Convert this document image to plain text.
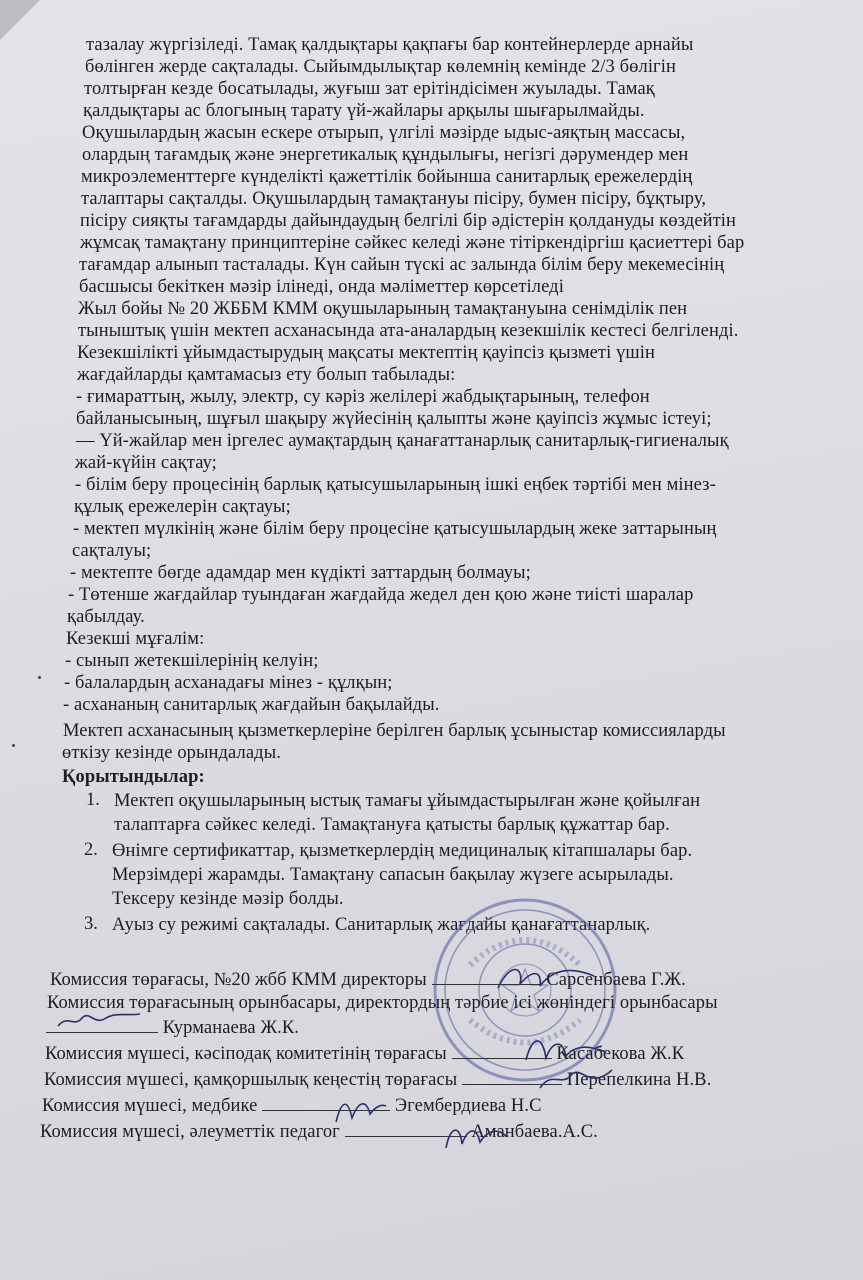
тазалау жүргізіледі. Тамақ қалдықтары қақпағы бар контейнерлерде арнайы
бөлінген жерде сақталады. Сыйымдылықтар көлемнің кемінде 2/3 бөлігін
толтырған кезде босатылады, жуғыш зат ерітіндісімен жуылады. Тамақ
қалдықтары ас блогының тарату үй-жайлары арқылы шығарылмайды.
Оқушылардың жасын ескере отырып, үлгілі мәзірде ыдыс-аяқтың массасы,
олардың тағамдық және энергетикалық құндылығы, негізгі дәрумендер мен
микроэлементтерге күнделікті қажеттілік бойынша санитарлық ережелердің
талаптары сақталды. Оқушылардың тамақтануы пісіру, бумен пісіру, бұқтыру,
пісіру сияқты тағамдарды дайындаудың белгілі бір әдістерін қолдануды көздейтін
жұмсақ тамақтану принциптеріне сәйкес келеді және тітіркендіргіш қасиеттері бар
тағамдар алынып тасталады. Күн сайын түскі ас залында білім беру мекемесінің
басшысы бекіткен мәзір ілінеді, онда мәліметтер көрсетіледі
Жыл бойы № 20 ЖББМ КММ оқушыларының тамақтануына сенімділік пен
тыныштық үшін мектеп асханасында ата-аналардың кезекшілік кестесі белгіленді.
Кезекшілікті ұйымдастырудың мақсаты мектептің қауіпсіз қызметі үшін
жағдайларды қамтамасыз ету болып табылады:
- ғимараттың, жылу, электр, су кәріз желілері жабдықтарының, телефон
байланысының, шұғыл шақыру жүйесінің қалыпты және қауіпсіз жұмыс істеуі;
— Үй-жайлар мен іргелес аумақтардың қанағаттанарлық санитарлық-гигиеналық
жай-күйін сақтау;
- білім беру процесінің барлық қатысушыларының ішкі еңбек тәртібі мен мінез-
құлық ережелерін сақтауы;
- мектеп мүлкінің және білім беру процесіне қатысушылардың жеке заттарының
сақталуы;
- мектепте бөгде адамдар мен күдікті заттардың болмауы;
- Төтенше жағдайлар туындаған жағдайда жедел ден қою және тиісті шаралар
қабылдау.
Кезекші мұғалім:
- сынып жетекшілерінің келуін;
- балалардың асханадағы мінез - құлқын;
- асхананың санитарлық жағдайын бақылайды.
Мектеп асханасының қызметкерлеріне берілген барлық ұсыныстар комиссияларды
өткізу кезінде орындалады.
Қорытындылар:
1. Мектеп оқушыларының ыстық тамағы ұйымдастырылған және қойылған
талаптарға сәйкес келеді. Тамақтануға қатысты барлық құжаттар бар.
2. Өнімге сертификаттар, қызметкерлердің медициналық кітапшалары бар.
Мерзімдері жарамды. Тамақтану сапасын бақылау жүзеге асырылады.
Тексеру кезінде мәзір болды.
3. Ауыз су режимі сақталады. Санитарлық жағдайы қанағаттанарлық.
Комиссия төрағасы, №20 жбб КММ директоры	Сарсенбаева Г.Ж.
Комиссия төрағасының орынбасары, директордың тәрбие ісі жөніндегі орынбасары
Курманаева Ж.К.
Комиссия мүшесі, кәсіподақ комитетінің төрағасы	Касабекова Ж.К
Комиссия мүшесі, қамқоршылық кеңестің төрағасы	Перепелкина Н.В.
Комиссия мүшесі, медбике	Эгембердиева Н.С
Комиссия мүшесі, әлеуметтік педагог	Аманбаева.А.С.
